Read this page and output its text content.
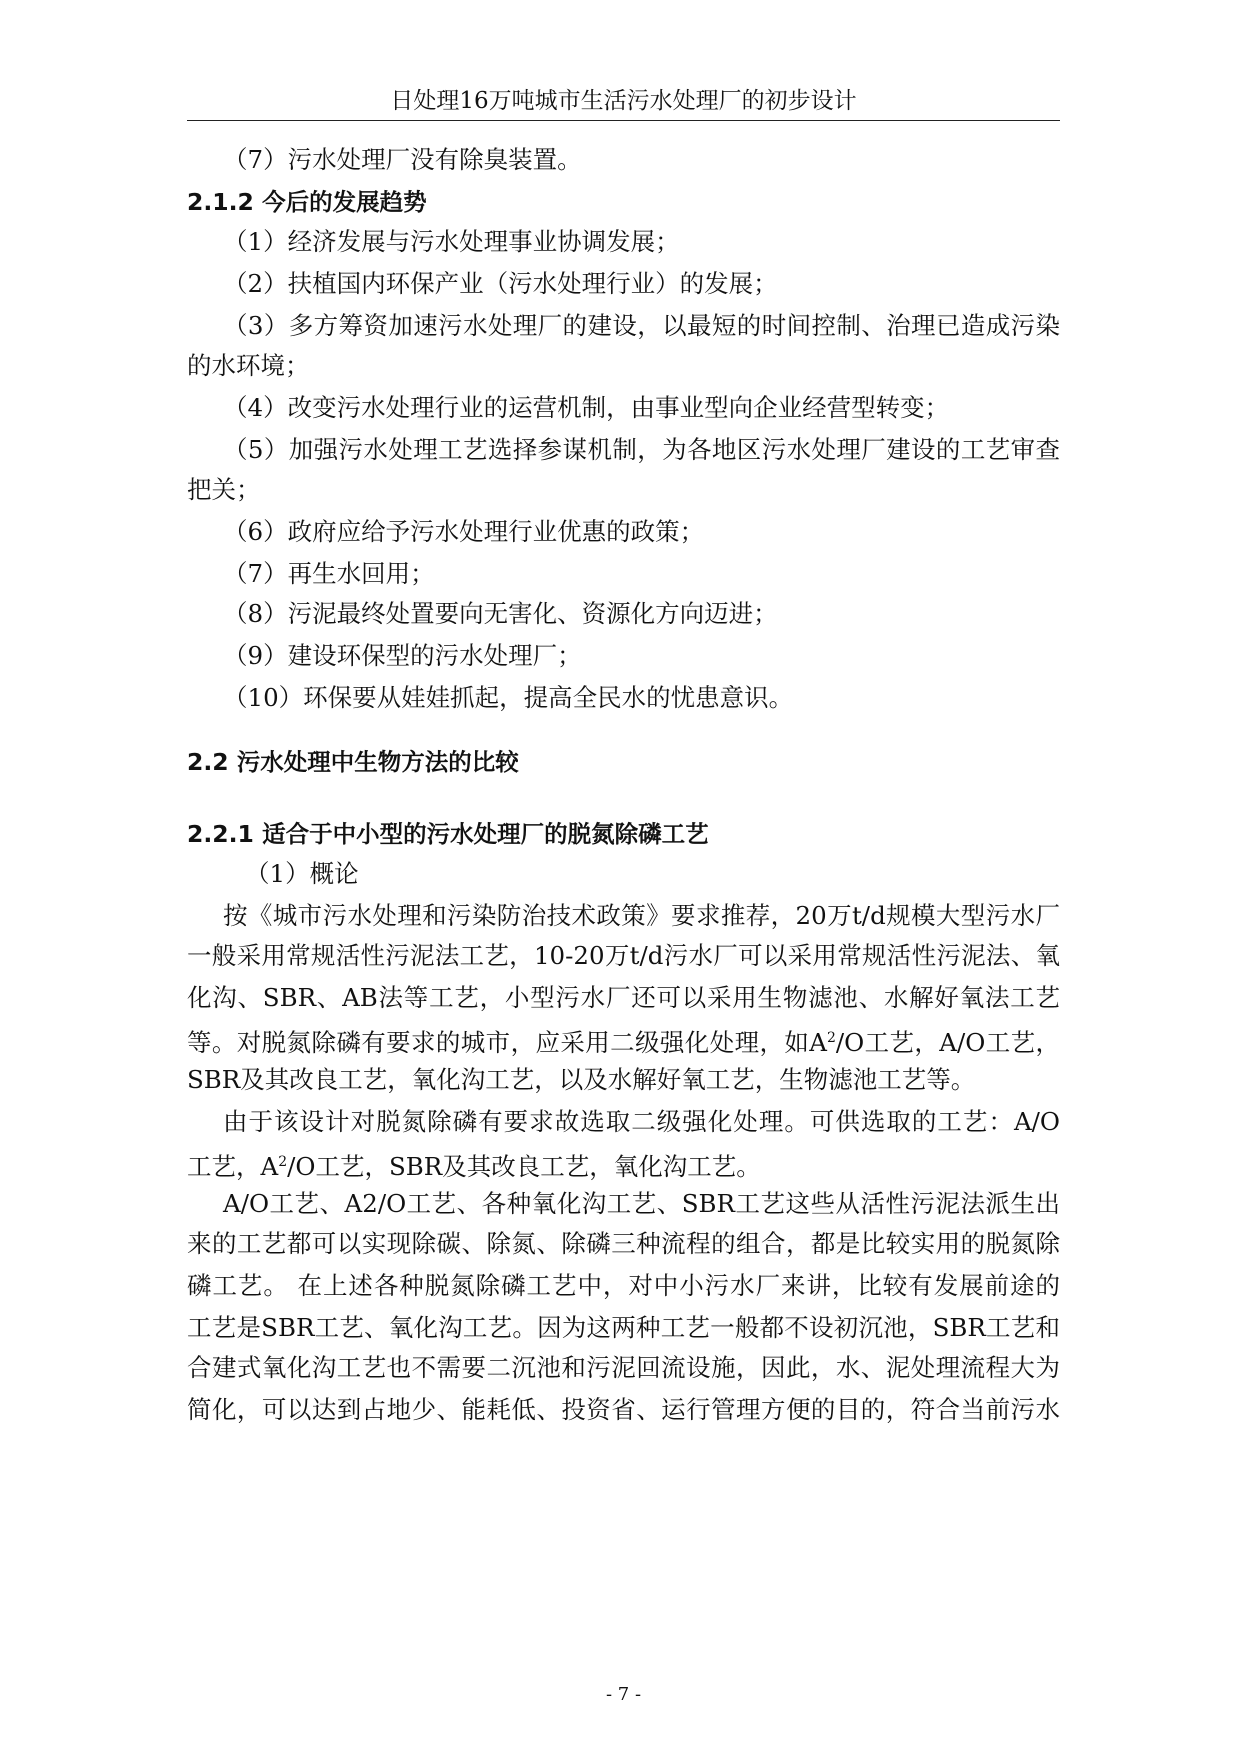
日处理16万吨城市生活污水处理厂的初步设计
（7）污水处理厂没有除臭装置。
2.1.2 今后的发展趋势
（1）经济发展与污水处理事业协调发展；
（2）扶植国内环保产业（污水处理行业）的发展；
（3）多方筹资加速污水处理厂的建设，以最短的时间控制、治理已造成污染
的水环境；
（4）改变污水处理行业的运营机制，由事业型向企业经营型转变；
（5）加强污水处理工艺选择参谋机制，为各地区污水处理厂建设的工艺审查
把关；
（6）政府应给予污水处理行业优惠的政策；
（7）再生水回用；
（8）污泥最终处置要向无害化、资源化方向迈进；
（9）建设环保型的污水处理厂；
（10）环保要从娃娃抓起，提高全民水的忧患意识。
2.2 污水处理中生物方法的比较
2.2.1 适合于中小型的污水处理厂的脱氮除磷工艺
（1）概论
按《城市污水处理和污染防治技术政策》要求推荐，20万t/d规模大型污水厂
一般采用常规活性污泥法工艺，10-20万t/d污水厂可以采用常规活性污泥法、氧
化沟、SBR、AB法等工艺，小型污水厂还可以采用生物滤池、水解好氧法工艺
等。对脱氮除磷有要求的城市，应采用二级强化处理，如$A^2/O$工艺，A/O工艺，
SBR及其改良工艺，氧化沟工艺，以及水解好氧工艺，生物滤池工艺等。
由于该设计对脱氮除磷有要求故选取二级强化处理。可供选取的工艺：A/O
工艺，$A^2/O$工艺，SBR及其改良工艺，氧化沟工艺。
A/O工艺、A2/O工艺、各种氧化沟工艺、SBR工艺这些从活性污泥法派生出
来的工艺都可以实现除碳、除氮、除磷三种流程的组合，都是比较实用的脱氮除
磷工艺。 在上述各种脱氮除磷工艺中，对中小污水厂来讲，比较有发展前途的
工艺是SBR工艺、氧化沟工艺。因为这两种工艺一般都不设初沉池，SBR工艺和
合建式氧化沟工艺也不需要二沉池和污泥回流设施，因此，水、泥处理流程大为
简化，可以达到占地少、能耗低、投资省、运行管理方便的目的，符合当前污水
- 7 -
